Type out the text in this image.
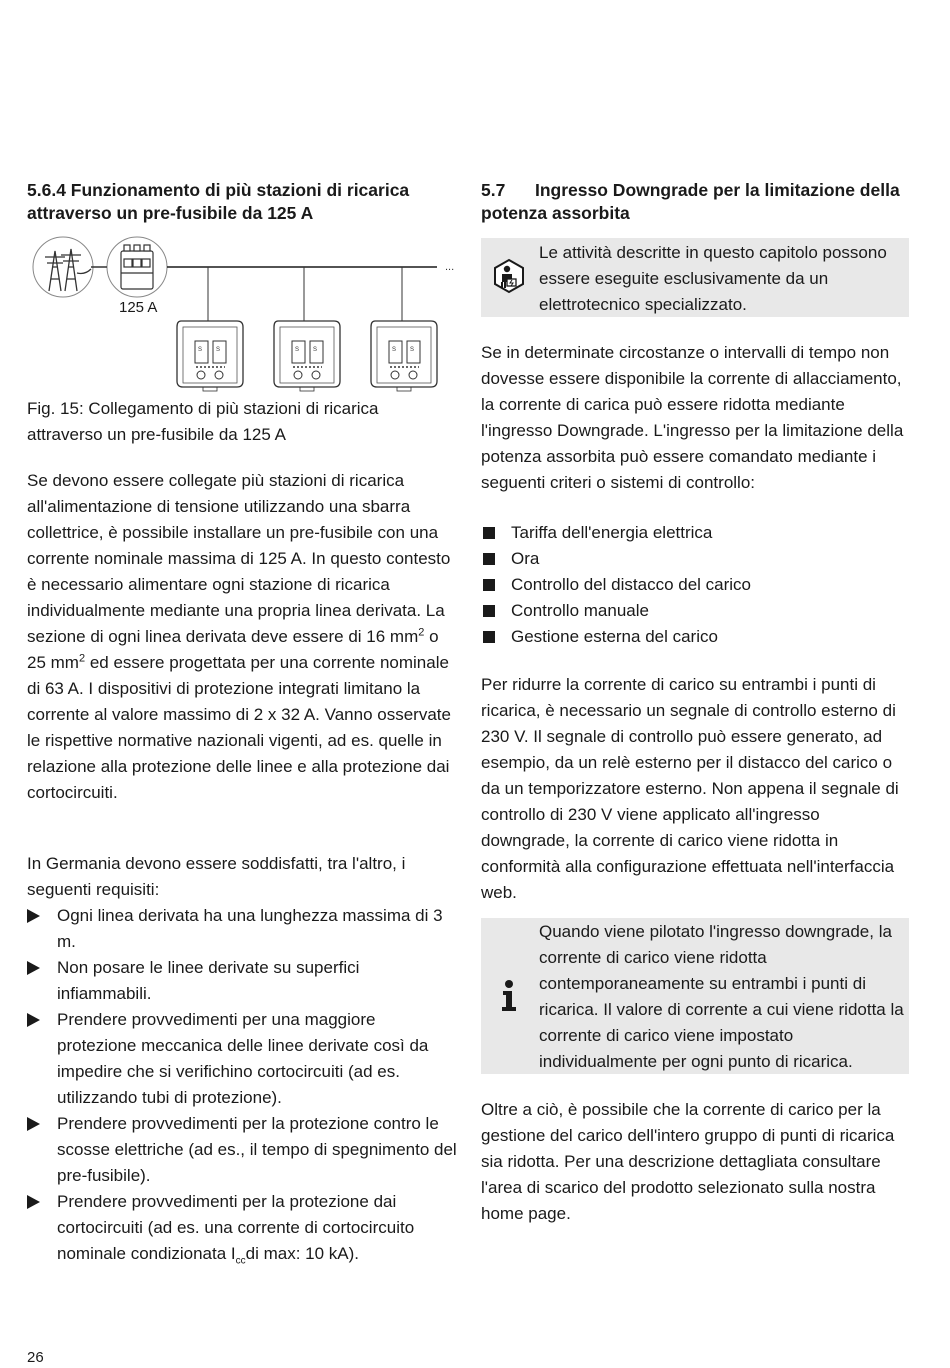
5.6.4 Funzionamento di più stazioni di ricarica attraverso un pre-fusibile da 125 A
...
125 A
S S	S S	S S

Fig. 15: Collegamento di più stazioni di ricarica attraverso un pre-fusibile da 125 A

Se devono essere collegate più stazioni di ricarica all'alimentazione di tensione utilizzando una sbarra collettrice, è possibile installare un pre-fusibile con una corrente nominale massima di 125 A. In questo contesto è necessario alimentare ogni stazione di ricarica individualmente mediante una propria linea derivata. La sezione di ogni linea derivata deve essere di 16 $mm^2$ o 25 $mm^2$ ed essere progettata per una corrente nominale di 63 A. I dispositivi di protezione integrati limitano la corrente al valore massimo di 2 x 32 A. Vanno osservate le rispettive normative nazionali vigenti, ad es. quelle in relazione alla protezione delle linee e alla protezione dai cortocircuiti.

In Germania devono essere soddisfatti, tra l'altro, i seguenti requisiti:

Ogni linea derivata ha una lunghezza massima di 3 m.
Non posare le linee derivate su superfici infiammabili.
Prendere provvedimenti per una maggiore protezione meccanica delle linee derivate così da impedire che si verifichino cortocircuiti (ad es. utilizzando tubi di protezione).
Prendere provvedimenti per la protezione contro le scosse elettriche (ad es., il tempo di spegnimento del pre-fusibile).
Prendere provvedimenti per la protezione dai cortocircuiti (ad es. una corrente di cortocircuito nominale condizionata $I_{cc}di$ max: 10 kA).
5.7 Ingresso Downgrade per la limitazione della potenza assorbita

Le attività descritte in questo capitolo possono essere eseguite esclusivamente da un elettrotecnico specializzato.

Se in determinate circostanze o intervalli di tempo non dovesse essere disponibile la corrente di allacciamento, la corrente di carica può essere ridotta mediante l'ingresso Downgrade. L'ingresso per la limitazione della potenza assorbita può essere comandato mediante i seguenti criteri o sistemi di controllo:

Tariffa dell'energia elettrica
Ora
Controllo del distacco del carico
Controllo manuale
Gestione esterna del carico

Per ridurre la corrente di carico su entrambi i punti di ricarica, è necessario un segnale di controllo esterno di 230 V. Il segnale di controllo può essere generato, ad esempio, da un relè esterno per il distacco del carico o da un temporizzatore esterno. Non appena il segnale di controllo di 230 V viene applicato all'ingresso downgrade, la corrente di carico viene ridotta in conformità alla configurazione effettuata nell'interfaccia web.

Quando viene pilotato l'ingresso downgrade, la corrente di carico viene ridotta contemporaneamente su entrambi i punti di ricarica. Il valore di corrente a cui viene ridotta la corrente di carico viene impostato individualmente per ogni punto di ricarica.

Oltre a ciò, è possibile che la corrente di carico per la gestione del carico dell'intero gruppo di punti di ricarica sia ridotta. Per una descrizione dettagliata consultare l'area di scarico del prodotto selezionato sulla nostra home page.

26
